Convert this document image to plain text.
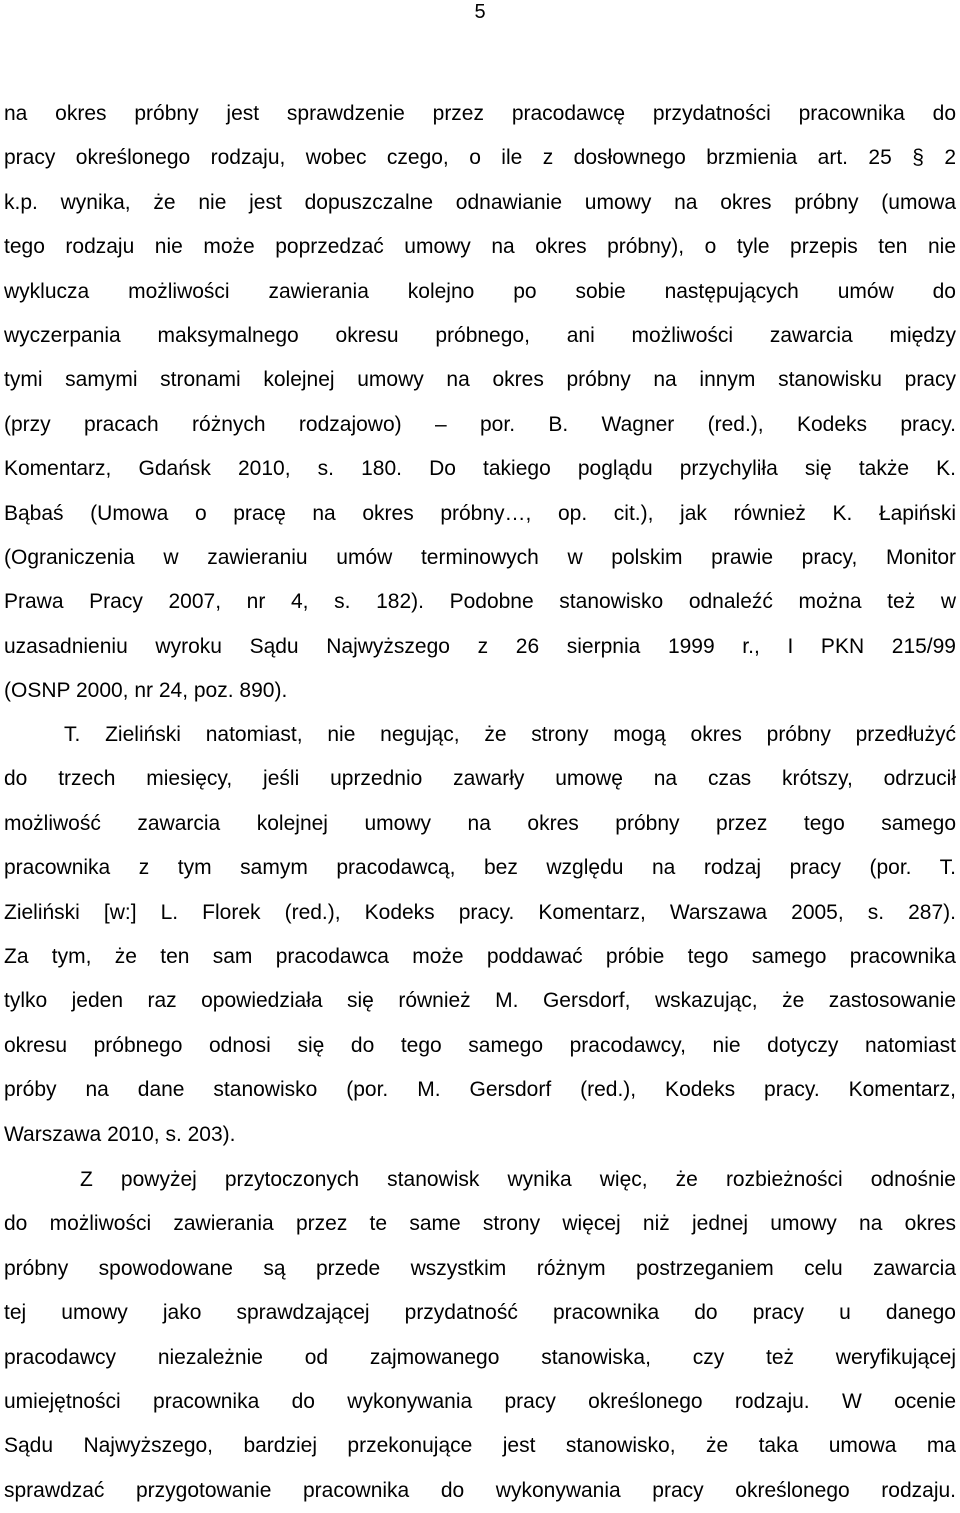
5
na okres próbny jest sprawdzenie przez pracodawcę przydatności pracownika do
pracy określonego rodzaju, wobec czego, o ile z dosłownego brzmienia art. 25 § 2
k.p. wynika, że nie jest dopuszczalne odnawianie umowy na okres próbny (umowa
tego rodzaju nie może poprzedzać umowy na okres próbny), o tyle przepis ten nie
wyklucza możliwości zawierania kolejno po sobie następujących umów do
wyczerpania maksymalnego okresu próbnego, ani możliwości zawarcia między
tymi samymi stronami kolejnej umowy na okres próbny na innym stanowisku pracy
(przy pracach różnych rodzajowo) – por. B. Wagner (red.), Kodeks pracy.
Komentarz, Gdańsk 2010, s. 180. Do takiego poglądu przychyliła się także K.
Bąbaś (Umowa o pracę na okres próbny…, op. cit.), jak również K. Łapiński
(Ograniczenia w zawieraniu umów terminowych w polskim prawie pracy, Monitor
Prawa Pracy 2007, nr 4, s. 182). Podobne stanowisko odnaleźć można też w
uzasadnieniu wyroku Sądu Najwyższego z 26 sierpnia 1999 r., I PKN 215/99
(OSNP 2000, nr 24, poz. 890).
T. Zieliński natomiast, nie negując, że strony mogą okres próbny przedłużyć
do trzech miesięcy, jeśli uprzednio zawarły umowę na czas krótszy, odrzucił
możliwość zawarcia kolejnej umowy na okres próbny przez tego samego
pracownika z tym samym pracodawcą, bez względu na rodzaj pracy (por. T.
Zieliński [w:] L. Florek (red.), Kodeks pracy. Komentarz, Warszawa 2005, s. 287).
Za tym, że ten sam pracodawca może poddawać próbie tego samego pracownika
tylko jeden raz opowiedziała się również M. Gersdorf, wskazując, że zastosowanie
okresu próbnego odnosi się do tego samego pracodawcy, nie dotyczy natomiast
próby na dane stanowisko (por. M. Gersdorf (red.), Kodeks pracy. Komentarz,
Warszawa 2010, s. 203).
Z powyżej przytoczonych stanowisk wynika więc, że rozbieżności odnośnie
do możliwości zawierania przez te same strony więcej niż jednej umowy na okres
próbny spowodowane są przede wszystkim różnym postrzeganiem celu zawarcia
tej umowy jako sprawdzającej przydatność pracownika do pracy u danego
pracodawcy niezależnie od zajmowanego stanowiska, czy też weryfikującej
umiejętności pracownika do wykonywania pracy określonego rodzaju. W ocenie
Sądu Najwyższego, bardziej przekonujące jest stanowisko, że taka umowa ma
sprawdzać przygotowanie pracownika do wykonywania pracy określonego rodzaju.
